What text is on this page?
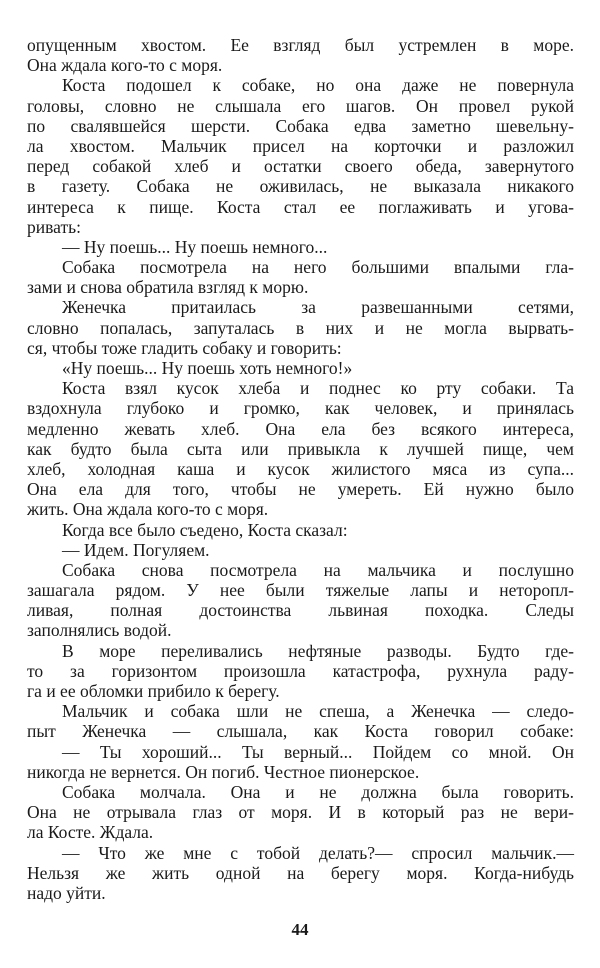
опущенным хвостом. Ее взгляд был устремлен в море.
Она ждала кого-то с моря.
Коста подошел к собаке, но она даже не повернула
головы, словно не слышала его шагов. Он провел рукой
по свалявшейся шерсти. Собака едва заметно шевельну-
ла хвостом. Мальчик присел на корточки и разложил
перед собакой хлеб и остатки своего обеда, завернутого
в газету. Собака не оживилась, не выказала никакого
интереса к пище. Коста стал ее поглаживать и угова-
ривать:
— Ну поешь... Ну поешь немного...
Собака посмотрела на него большими впалыми гла-
зами и снова обратила взгляд к морю.
Женечка притаилась за развешанными сетями,
словно попалась, запуталась в них и не могла вырвать-
ся, чтобы тоже гладить собаку и говорить:
«Ну поешь... Ну поешь хоть немного!»
Коста взял кусок хлеба и поднес ко рту собаки. Та
вздохнула глубоко и громко, как человек, и принялась
медленно жевать хлеб. Она ела без всякого интереса,
как будто была сыта или привыкла к лучшей пище, чем
хлеб, холодная каша и кусок жилистого мяса из супа...
Она ела для того, чтобы не умереть. Ей нужно было
жить. Она ждала кого-то с моря.
Когда все было съедено, Коста сказал:
— Идем. Погуляем.
Собака снова посмотрела на мальчика и послушно
зашагала рядом. У нее были тяжелые лапы и неторопл-
ливая, полная достоинства львиная походка. Следы
заполнялись водой.
В море переливались нефтяные разводы. Будто где-
то за горизонтом произошла катастрофа, рухнула раду-
га и ее обломки прибило к берегу.
Мальчик и собака шли не спеша, а Женечка — следо-
пыт Женечка — слышала, как Коста говорил собаке:
— Ты хороший... Ты верный... Пойдем со мной. Он
никогда не вернется. Он погиб. Честное пионерское.
Собака молчала. Она и не должна была говорить.
Она не отрывала глаз от моря. И в который раз не вери-
ла Косте. Ждала.
— Что же мне с тобой делать?— спросил мальчик.—
Нельзя же жить одной на берегу моря. Когда-нибудь
надо уйти.
44
